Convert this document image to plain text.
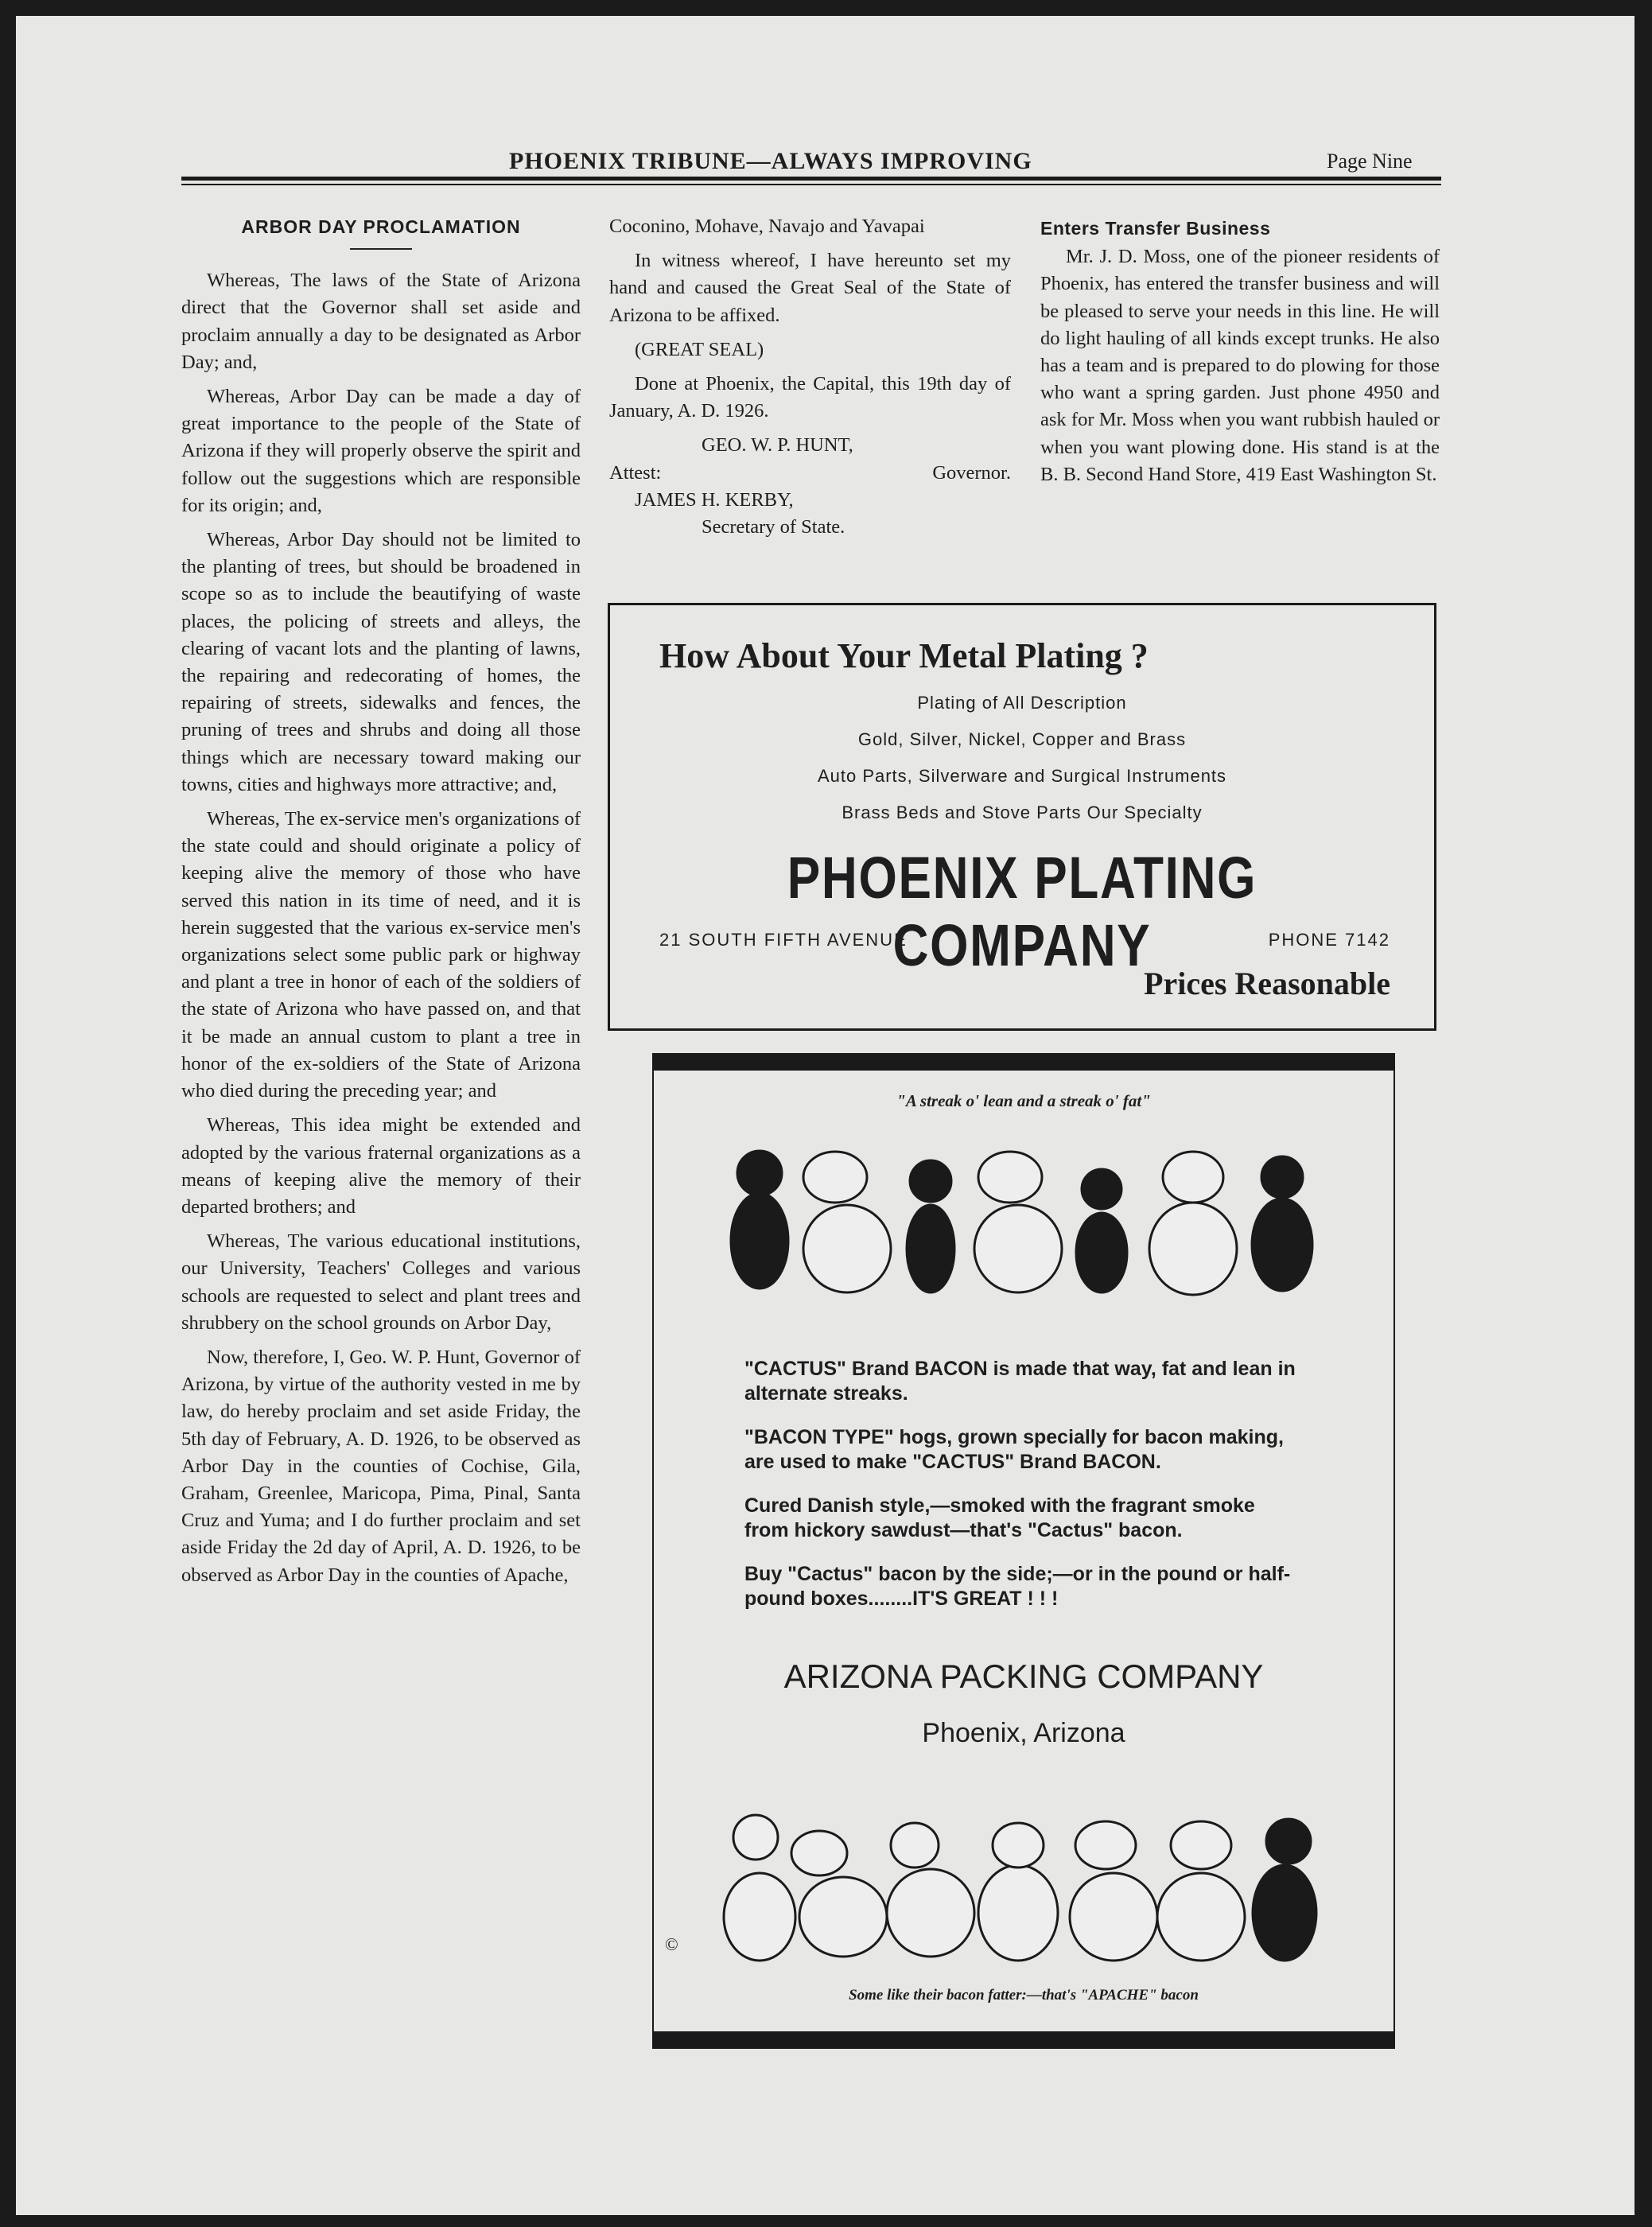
PHOENIX TRIBUNE—ALWAYS IMPROVING	Page Nine
ARBOR DAY PROCLAMATION

Whereas, The laws of the State of Arizona direct that the Governor shall set aside and proclaim annually a day to be designated as Arbor Day; and,

Whereas, Arbor Day can be made a day of great importance to the people of the State of Arizona if they will properly observe the spirit and follow out the suggestions which are responsible for its origin; and,

Whereas, Arbor Day should not be limited to the planting of trees, but should be broadened in scope so as to include the beautifying of waste places, the policing of streets and alleys, the clearing of vacant lots and the planting of lawns, the repairing and redecorating of homes, the repairing of streets, sidewalks and fences, the pruning of trees and shrubs and doing all those things which are necessary toward making our towns, cities and highways more attractive; and,

Whereas, The ex-service men's organizations of the state could and should originate a policy of keeping alive the memory of those who have served this nation in its time of need, and it is herein suggested that the various ex-service men's organizations select some public park or highway and plant a tree in honor of each of the soldiers of the state of Arizona who have passed on, and that it be made an annual custom to plant a tree in honor of the ex-soldiers of the State of Arizona who died during the preceding year; and

Whereas, This idea might be extended and adopted by the various fraternal organizations as a means of keeping alive the memory of their departed brothers; and

Whereas, The various educational institutions, our University, Teachers' Colleges and various schools are requested to select and plant trees and shrubbery on the school grounds on Arbor Day,

Now, therefore, I, Geo. W. P. Hunt, Governor of Arizona, by virtue of the authority vested in me by law, do hereby proclaim and set aside Friday, the 5th day of February, A. D. 1926, to be observed as Arbor Day in the counties of Cochise, Gila, Graham, Greenlee, Maricopa, Pima, Pinal, Santa Cruz and Yuma; and I do further proclaim and set aside Friday the 2d day of April, A. D. 1926, to be observed as Arbor Day in the counties of Apache,

Coconino, Mohave, Navajo and Yavapai

In witness whereof, I have hereunto set my hand and caused the Great Seal of the State of Arizona to be affixed.

(GREAT SEAL)

Done at Phoenix, the Capital, this 19th day of January, A. D. 1926.

GEO. W. P. HUNT,
Attest:	Governor.
JAMES H. KERBY,
Secretary of State.
Enters Transfer Business

Mr. J. D. Moss, one of the pioneer residents of Phoenix, has entered the transfer business and will be pleased to serve your needs in this line. He will do light hauling of all kinds except trunks. He also has a team and is prepared to do plowing for those who want a spring garden. Just phone 4950 and ask for Mr. Moss when you want rubbish hauled or when you want plowing done. His stand is at the B. B. Second Hand Store, 419 East Washington St.

How About Your Metal Plating ?
Plating of All Description
Gold, Silver, Nickel, Copper and Brass
Auto Parts, Silverware and Surgical Instruments
Brass Beds and Stove Parts Our Specialty
PHOENIX PLATING COMPANY
21 SOUTH FIFTH AVENUE	PHONE 7142
Prices Reasonable
"A streak o' lean and a streak o' fat"

"CACTUS" Brand BACON is made that way, fat and lean in alternate streaks.

"BACON TYPE" hogs, grown specially for bacon making, are used to make "CACTUS" Brand BACON.

Cured Danish style,—smoked with the fragrant smoke from hickory sawdust—that's "Cactus" bacon.

Buy "Cactus" bacon by the side;—or in the pound or half-pound boxes........IT'S GREAT ! ! !

ARIZONA PACKING COMPANY
Phoenix, Arizona
©
Some like their bacon fatter:—that's "APACHE" bacon
